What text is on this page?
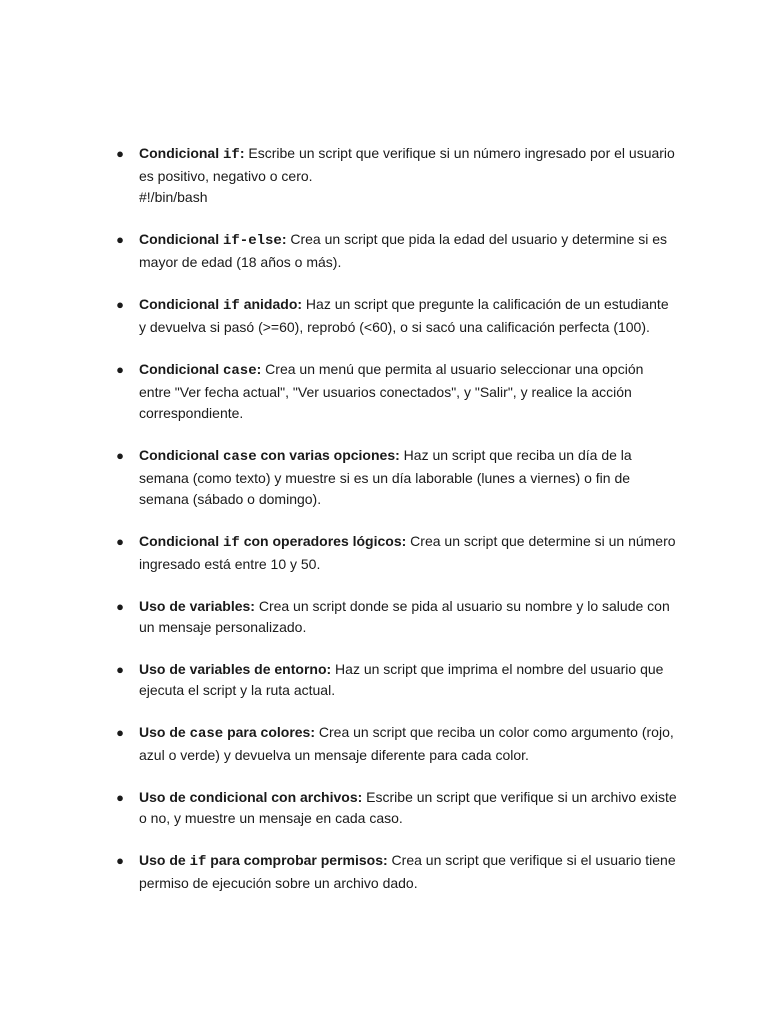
● Condicional if: Escribe un script que verifique si un número ingresado por el usuario es positivo, negativo o cero.
#!/bin/bash
● Condicional if-else: Crea un script que pida la edad del usuario y determine si es mayor de edad (18 años o más).
● Condicional if anidado: Haz un script que pregunte la calificación de un estudiante y devuelva si pasó (>=60), reprobó (<60), o si sacó una calificación perfecta (100).
● Condicional case: Crea un menú que permita al usuario seleccionar una opción entre "Ver fecha actual", "Ver usuarios conectados", y "Salir", y realice la acción correspondiente.
● Condicional case con varias opciones: Haz un script que reciba un día de la semana (como texto) y muestre si es un día laborable (lunes a viernes) o fin de semana (sábado o domingo).
● Condicional if con operadores lógicos: Crea un script que determine si un número ingresado está entre 10 y 50.
● Uso de variables: Crea un script donde se pida al usuario su nombre y lo salude con un mensaje personalizado.
● Uso de variables de entorno: Haz un script que imprima el nombre del usuario que ejecuta el script y la ruta actual.
● Uso de case para colores: Crea un script que reciba un color como argumento (rojo, azul o verde) y devuelva un mensaje diferente para cada color.
● Uso de condicional con archivos: Escribe un script que verifique si un archivo existe o no, y muestre un mensaje en cada caso.
● Uso de if para comprobar permisos: Crea un script que verifique si el usuario tiene permiso de ejecución sobre un archivo dado.
